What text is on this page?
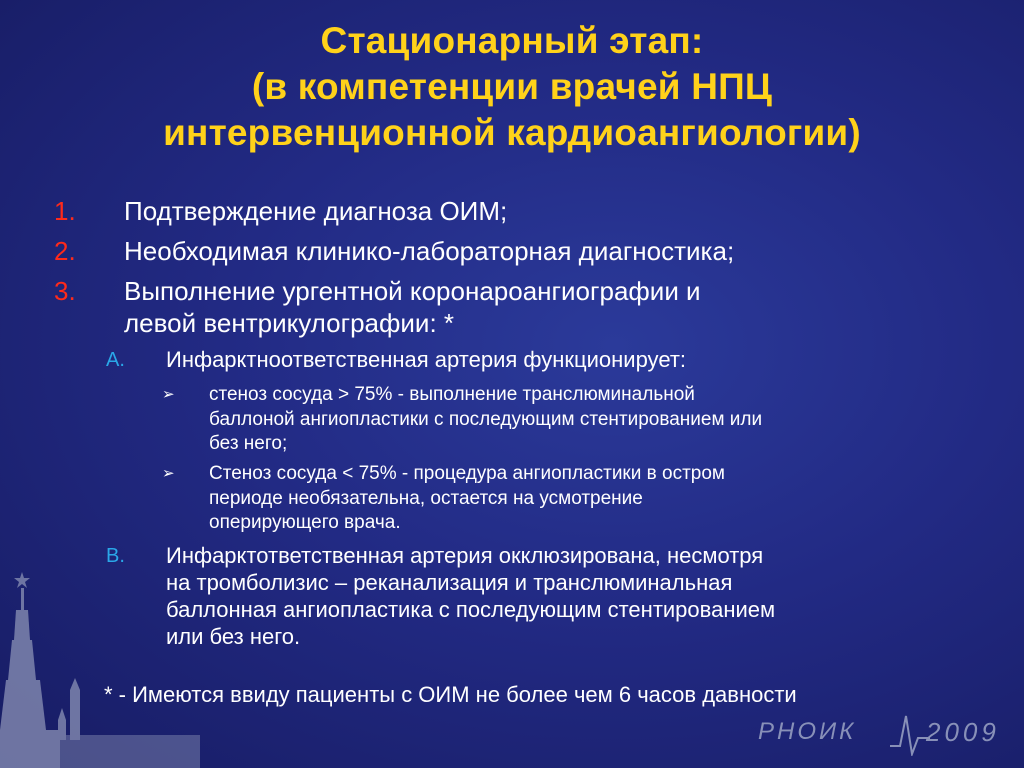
Стационарный этап:
(в компетенции врачей НПЦ
интервенционной кардиоангиологии)
1. Подтверждение диагноза ОИМ;
2. Необходимая клинико-лабораторная диагностика;
3. Выполнение ургентной коронароангиографии и
левой вентрикулографии: *
A. Инфарктноответственная артерия функционирует:
➢ стеноз сосуда > 75% - выполнение транслюминальной
баллоной ангиопластики с последующим стентированием или
без него;
➢ Стеноз сосуда < 75% - процедура ангиопластики в остром
периоде необязательна, остается на усмотрение
оперирующего врача.
B. Инфарктответственная артерия окклюзирована, несмотря
на тромболизис – реканализация и транслюминальная
баллонная ангиопластика с последующим стентированием
или без него.
* - Имеются ввиду пациенты с ОИМ не более чем 6 часов давности
РНОИК	2009
